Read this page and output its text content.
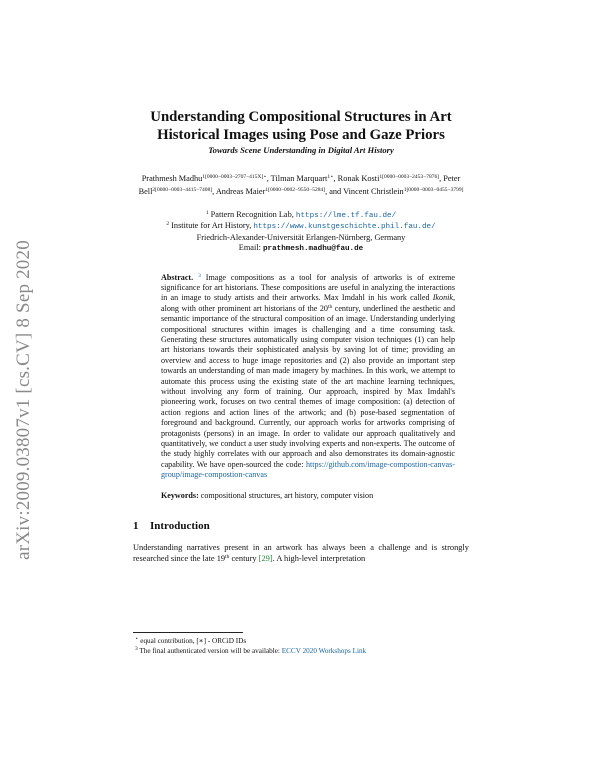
arXiv:2009.03807v1 [cs.CV] 8 Sep 2020
Understanding Compositional Structures in Art
Historical Images using Pose and Gaze Priors
Towards Scene Understanding in Digital Art History
Prathmesh Madhu$^{1[0000-0003-2707-415X]⋆}$, Tilman Marquart$^{1⋆}$, Ronak Kosti$^{1[0000-0003-2453-7876]}$, Peter Bell$^{2[0000-0003-4415-7408]}$, Andreas Maier$^{1[0000-0002-9550-5284]}$, and Vincent Christlein$^{1[0000-0003-0455-3799]}$
$^1$ Pattern Recognition Lab, https://lme.tf.fau.de/
$^2$ Institute for Art History, https://www.kunstgeschichte.phil.fau.de/
Friedrich-Alexander-Universität Erlangen-Nürnberg, Germany
Email: prathmesh.madhu@fau.de
Abstract. $^3$ Image compositions as a tool for analysis of artworks is of extreme significance for art historians. These compositions are useful in analyzing the interactions in an image to study artists and their artworks. Max Imdahl in his work called Ikonik, along with other prominent art historians of the 20th century, underlined the aesthetic and semantic importance of the structural composition of an image. Understanding underlying compositional structures within images is challenging and a time consuming task. Generating these structures automatically using computer vision techniques (1) can help art historians towards their sophisticated analysis by saving lot of time; providing an overview and access to huge image repositories and (2) also provide an important step towards an understanding of man made imagery by machines. In this work, we attempt to automate this process using the existing state of the art machine learning techniques, without involving any form of training. Our approach, inspired by Max Imdahl's pioneering work, focuses on two central themes of image composition: (a) detection of action regions and action lines of the artwork; and (b) pose-based segmentation of foreground and background. Currently, our approach works for artworks comprising of protagonists (persons) in an image. In order to validate our approach qualitatively and quantitatively, we conduct a user study involving experts and non-experts. The outcome of the study highly correlates with our approach and also demonstrates its domain-agnostic capability. We have open-sourced the code: https://github.com/image-compostion-canvas-group/image-compostion-canvas
Keywords: compositional structures, art history, computer vision
1 Introduction
Understanding narratives present in an artwork has always been a challenge and is strongly researched since the late 19th century [29]. A high-level interpretation
⋆ equal contribution, [∗] - ORCiD IDs
$^3$ The final authenticated version will be available: ECCV 2020 Workshops Link
